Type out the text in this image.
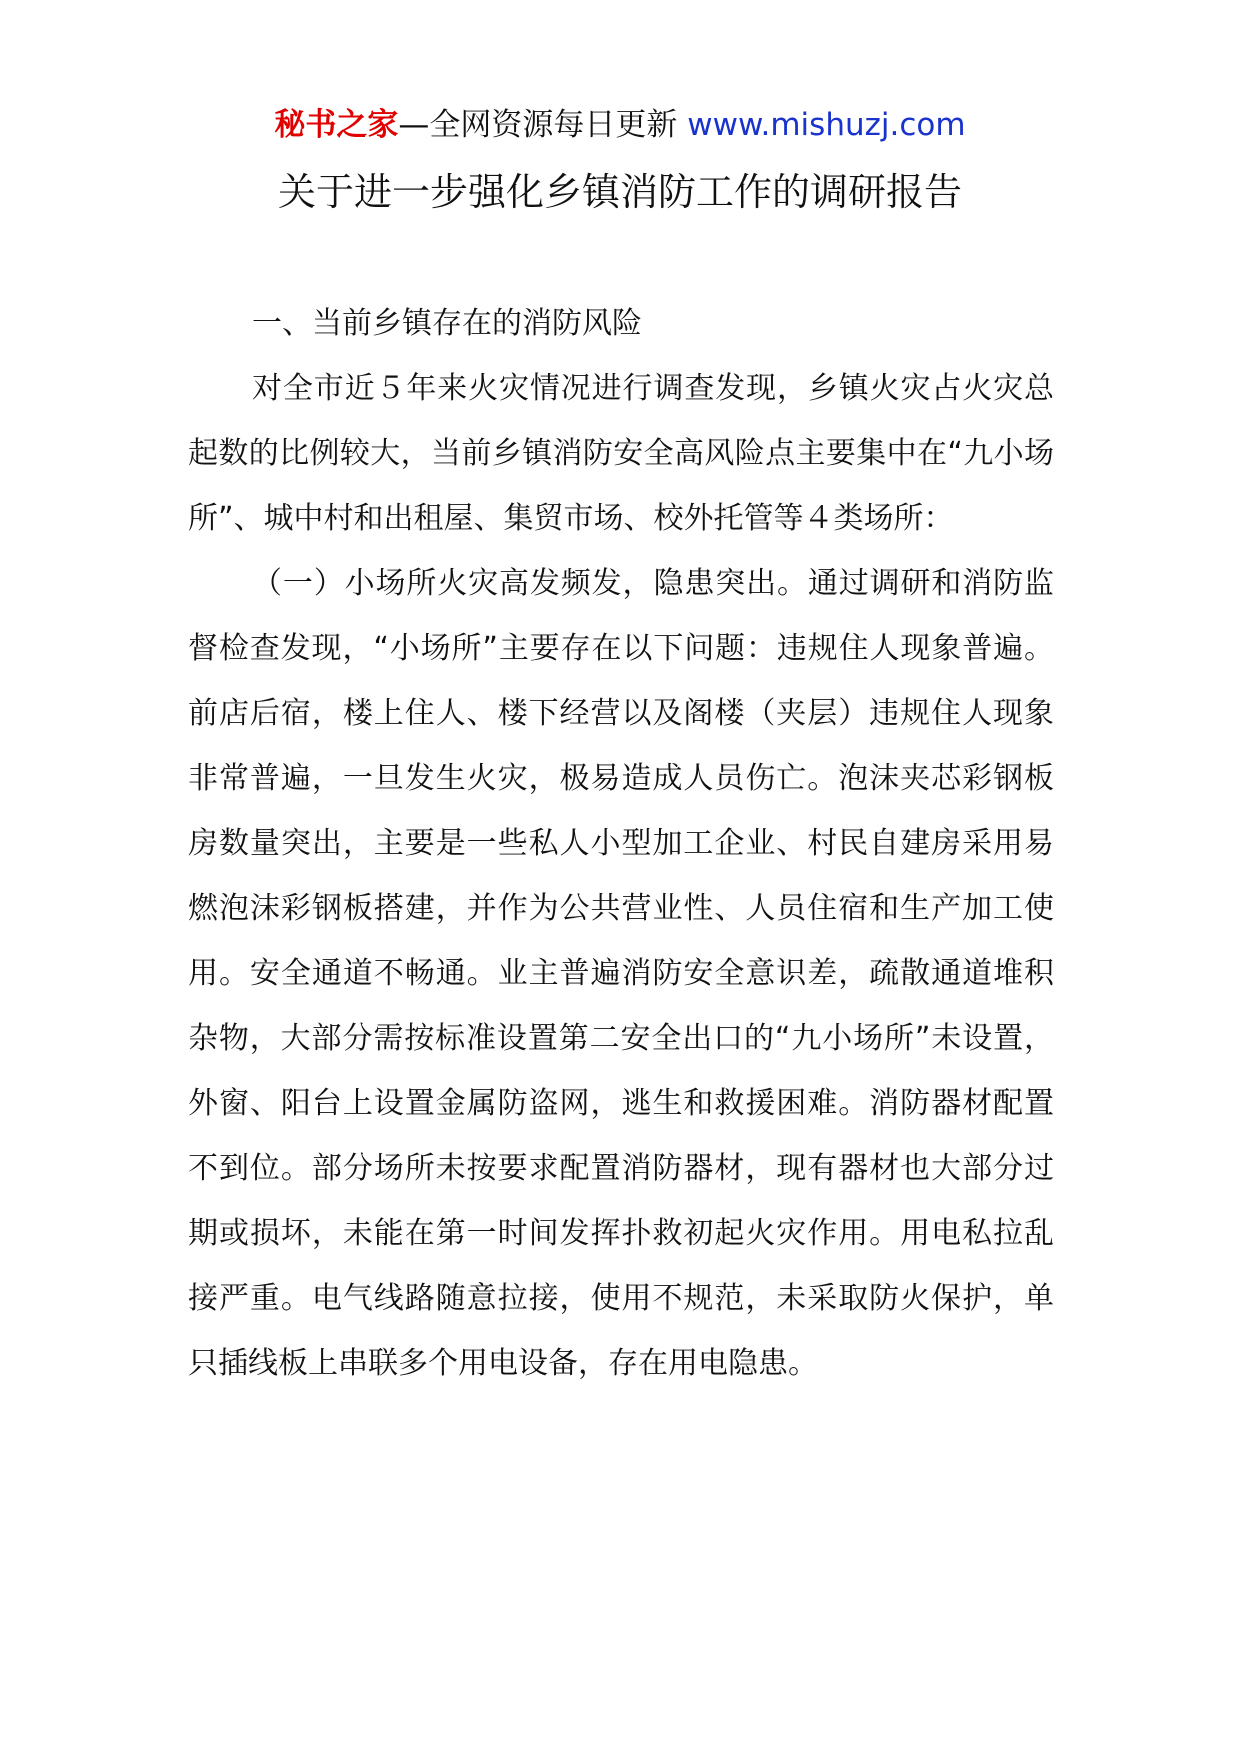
秘书之家—全网资源每日更新 www.mishuzj.com
关于进一步强化乡镇消防工作的调研报告
一、当前乡镇存在的消防风险

对全市近５年来火灾情况进行调查发现，乡镇火灾占火灾总起数的比例较大，当前乡镇消防安全高风险点主要集中在“九小场所”、城中村和出租屋、集贸市场、校外托管等４类场所：

（一）小场所火灾高发频发，隐患突出。通过调研和消防监督检查发现，“小场所”主要存在以下问题：违规住人现象普遍。前店后宿，楼上住人、楼下经营以及阁楼（夹层）违规住人现象非常普遍，一旦发生火灾，极易造成人员伤亡。泡沫夹芯彩钢板房数量突出，主要是一些私人小型加工企业、村民自建房采用易燃泡沫彩钢板搭建，并作为公共营业性、人员住宿和生产加工使用。安全通道不畅通。业主普遍消防安全意识差，疏散通道堆积杂物，大部分需按标准设置第二安全出口的“九小场所”未设置，外窗、阳台上设置金属防盗网，逃生和救援困难。消防器材配置不到位。部分场所未按要求配置消防器材，现有器材也大部分过期或损坏，未能在第一时间发挥扑救初起火灾作用。用电私拉乱接严重。电气线路随意拉接，使用不规范，未采取防火保护，单只插线板上串联多个用电设备，存在用电隐患。
